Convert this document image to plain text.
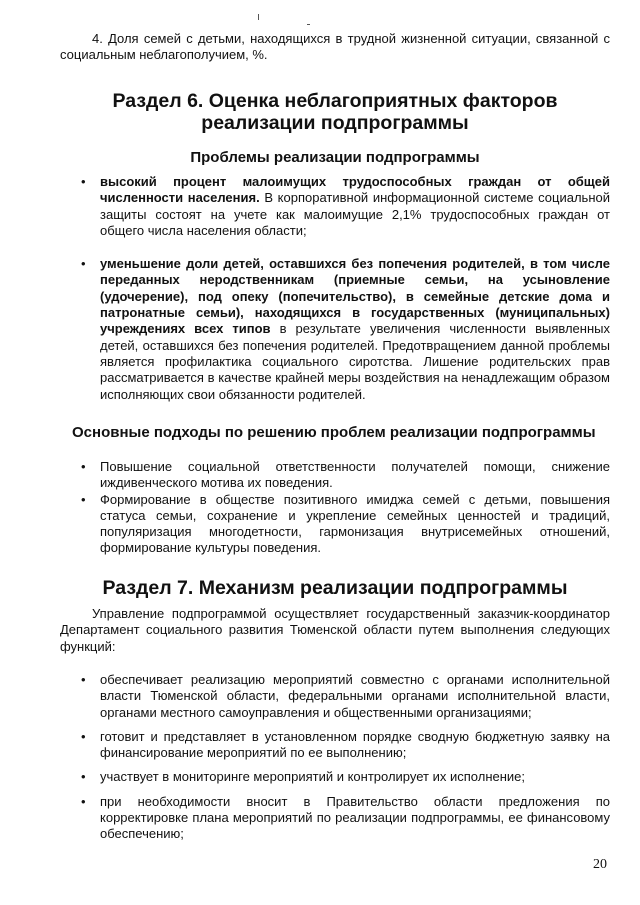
4. Доля семей с детьми, находящихся в трудной жизненной ситуации, связанной с социальным неблагополучием, %.

Раздел 6. Оценка неблагоприятных факторов реализации подпрограммы
Проблемы реализации подпрограммы
• высокий процент малоимущих трудоспособных граждан от общей численности населения. В корпоративной информационной системе социальной защиты состоят на учете как малоимущие 2,1% трудоспособных граждан от общего числа населения области;
• уменьшение доли детей, оставшихся без попечения родителей, в том числе переданных неродственникам (приемные семьи, на усыновление (удочерение), под опеку (попечительство), в семейные детские дома и патронатные семьи), находящихся в государственных (муниципальных) учреждениях всех типов в результате увеличения численности выявленных детей, оставшихся без попечения родителей. Предотвращением данной проблемы является профилактика социального сиротства. Лишение родительских прав рассматривается в качестве крайней меры воздействия на ненадлежащим образом исполняющих свои обязанности родителей.
Основные подходы по решению проблем реализации подпрограммы
• Повышение социальной ответственности получателей помощи, снижение иждивенческого мотива их поведения.
• Формирование в обществе позитивного имиджа семей с детьми, повышения статуса семьи, сохранение и укрепление семейных ценностей и традиций, популяризация многодетности, гармонизация внутрисемейных отношений, формирование культуры поведения.
Раздел 7. Механизм реализации подпрограммы

Управление подпрограммой осуществляет государственный заказчик-координатор Департамент социального развития Тюменской области путем выполнения следующих функций:

• обеспечивает реализацию мероприятий совместно с органами исполнительной власти Тюменской области, федеральными органами исполнительной власти, органами местного самоуправления и общественными организациями;
• готовит и представляет в установленном порядке сводную бюджетную заявку на финансирование мероприятий по ее выполнению;
• участвует в мониторинге мероприятий и контролирует их исполнение;
• при необходимости вносит в Правительство области предложения по корректировке плана мероприятий по реализации подпрограммы, ее финансовому обеспечению;
20
